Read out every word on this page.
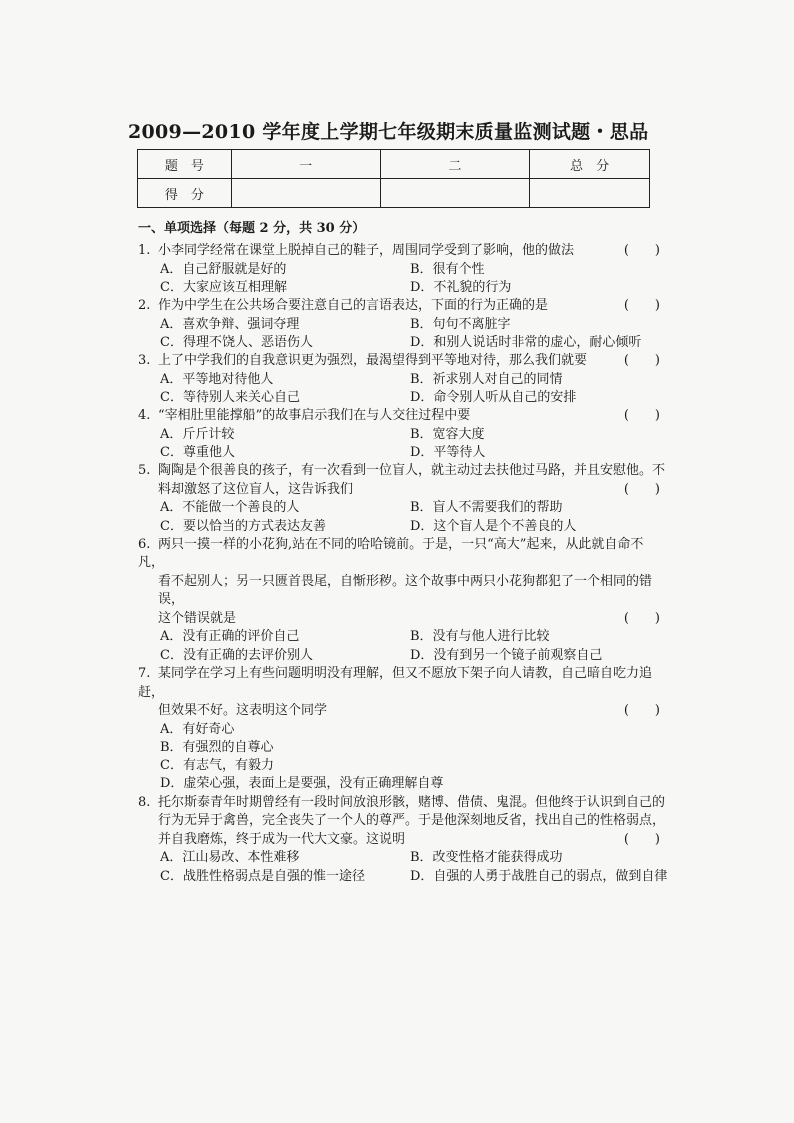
2009—2010 学年度上学期七年级期末质量监测试题・思品
题　号	一	二	总　分
得　分			
一、单项选择（每题 2 分，共 30 分）
1. 小李同学经常在课堂上脱掉自己的鞋子，周围同学受到了影响，他的做法	(　　)
A．自己舒服就是好的	B．很有个性
C．大家应该互相理解	D．不礼貌的行为
2. 作为中学生在公共场合要注意自己的言语表达，下面的行为正确的是	(　　)
A．喜欢争辩、强词夺理	B．句句不离脏字
C．得理不饶人、恶语伤人	D．和别人说话时非常的虚心，耐心倾听
3. 上了中学我们的自我意识更为强烈，最渴望得到平等地对待，那么我们就要	(　　)
A．平等地对待他人	B．祈求别人对自己的同情
C．等待别人来关心自己	D．命令别人听从自己的安排
4. “宰相肚里能撑船”的故事启示我们在与人交往过程中要	(　　)
A．斤斤计较	B．宽容大度
C．尊重他人	D．平等待人
5. 陶陶是个很善良的孩子，有一次看到一位盲人，就主动过去扶他过马路，并且安慰他。不
料却激怒了这位盲人，这告诉我们	(　　)
A．不能做一个善良的人	B．盲人不需要我们的帮助
C．要以恰当的方式表达友善	D．这个盲人是个不善良的人
6. 两只一摸一样的小花狗,站在不同的哈哈镜前。于是，一只“高大”起来，从此就自命不凡，
看不起别人；另一只匮首畏尾，自惭形秽。这个故事中两只小花狗都犯了一个相同的错误，
这个错误就是	(　　)
A．没有正确的评价自己	B．没有与他人进行比较
C．没有正确的去评价别人	D．没有到另一个镜子前观察自己
7. 某同学在学习上有些问题明明没有理解，但又不愿放下架子向人请教，自己暗自吃力追赶，
但效果不好。这表明这个同学	(　　)
A．有好奇心
B．有强烈的自尊心
C．有志气，有毅力
D．虚荣心强，表面上是要强，没有正确理解自尊
8. 托尔斯泰青年时期曾经有一段时间放浪形骸，赌博、借债、鬼混。但他终于认识到自己的
行为无异于禽兽，完全丧失了一个人的尊严。于是他深刻地反省，找出自己的性格弱点，
并自我磨炼，终于成为一代大文豪。这说明	(　　)
A．江山易改、本性难移	B．改变性格才能获得成功
C．战胜性格弱点是自强的惟一途径	D．自强的人勇于战胜自己的弱点，做到自律
